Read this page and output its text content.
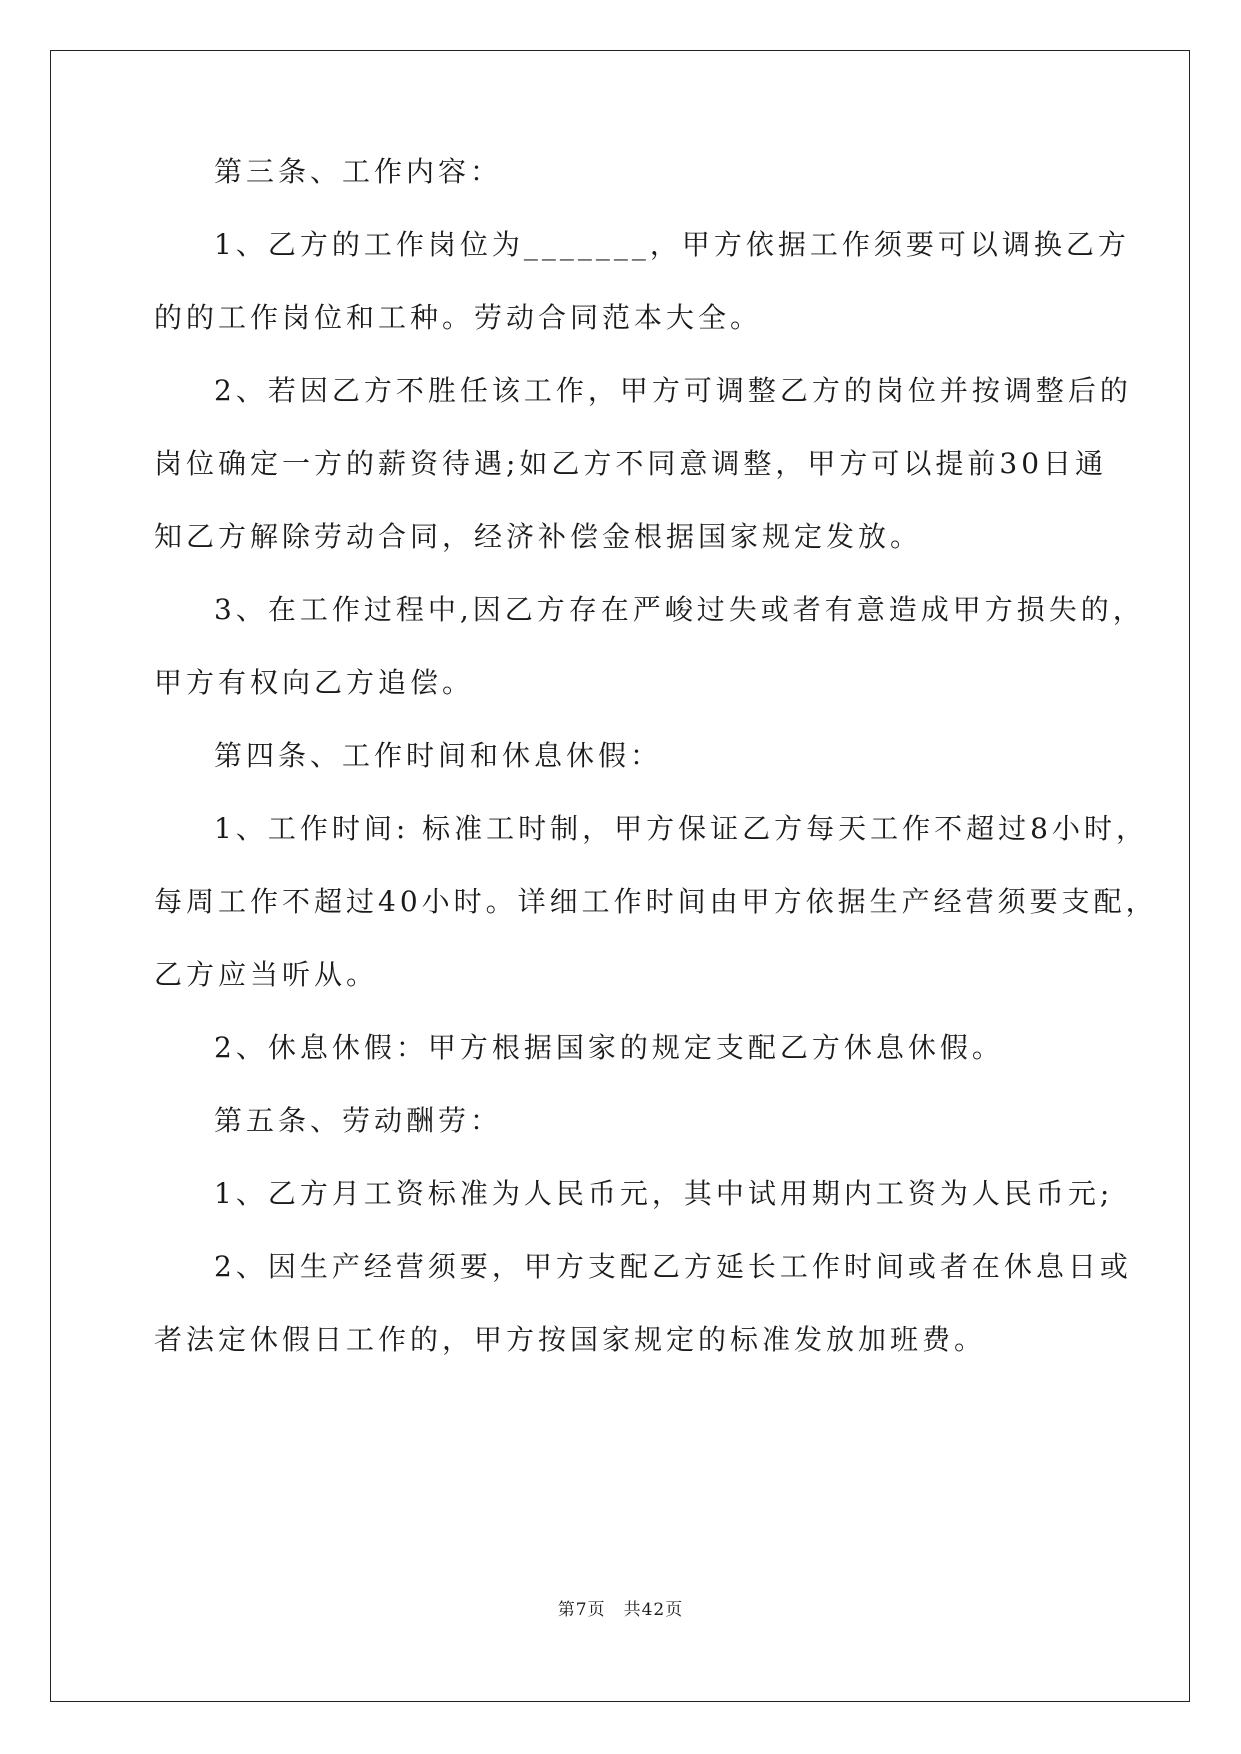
第三条、工作内容：
1、乙方的工作岗位为_______，甲方依据工作须要可以调换乙方
的的工作岗位和工种。劳动合同范本大全。
2、若因乙方不胜任该工作，甲方可调整乙方的岗位并按调整后的
岗位确定一方的薪资待遇;如乙方不同意调整，甲方可以提前30日通
知乙方解除劳动合同，经济补偿金根据国家规定发放。
3、在工作过程中,因乙方存在严峻过失或者有意造成甲方损失的，
甲方有权向乙方追偿。
第四条、工作时间和休息休假：
1、工作时间: 标准工时制，甲方保证乙方每天工作不超过8小时，
每周工作不超过40小时。详细工作时间由甲方依据生产经营须要支配，
乙方应当听从。
2、休息休假：甲方根据国家的规定支配乙方休息休假。
第五条、劳动酬劳：
1、乙方月工资标准为人民币元，其中试用期内工资为人民币元;
2、因生产经营须要，甲方支配乙方延长工作时间或者在休息日或
者法定休假日工作的，甲方按国家规定的标准发放加班费。
第7页 共42页
